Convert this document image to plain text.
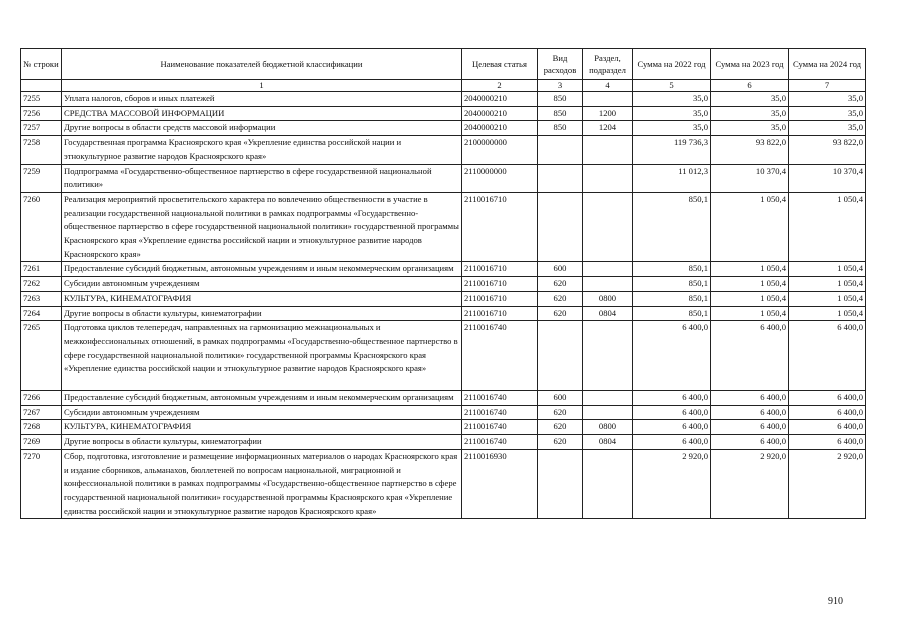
№ строки	Наименование показателей бюджетной классификации	Целевая статья	Вид расходов	Раздел, подраздел	Сумма на 2022 год	Сумма на 2023 год	Сумма на 2024 год
	1	2	3	4	5	6	7
7255	Уплата налогов, сборов и иных платежей	2040000210	850		35,0	35,0	35,0
7256	СРЕДСТВА МАССОВОЙ ИНФОРМАЦИИ	2040000210	850	1200	35,0	35,0	35,0
7257	Другие вопросы в области средств массовой информации	2040000210	850	1204	35,0	35,0	35,0
7258	Государственная программа Красноярского края «Укрепление единства российской нации и этнокультурное развитие народов Красноярского края»	2100000000			119 736,3	93 822,0	93 822,0
7259	Подпрограмма «Государственно-общественное партнерство в сфере государственной национальной политики»	2110000000			11 012,3	10 370,4	10 370,4
7260	Реализация мероприятий просветительского характера по вовлечению общественности в участие в реализации государственной национальной политики в рамках подпрограммы «Государственно-общественное партнерство в сфере государственной национальной политики» государственной программы Красноярского края «Укрепление единства российской нации и этнокультурное развитие народов Красноярского края»	2110016710			850,1	1 050,4	1 050,4
7261	Предоставление субсидий бюджетным, автономным учреждениям и иным некоммерческим организациям	2110016710	600		850,1	1 050,4	1 050,4
7262	Субсидии автономным учреждениям	2110016710	620		850,1	1 050,4	1 050,4
7263	КУЛЬТУРА, КИНЕМАТОГРАФИЯ	2110016710	620	0800	850,1	1 050,4	1 050,4
7264	Другие вопросы в области культуры, кинематографии	2110016710	620	0804	850,1	1 050,4	1 050,4
7265	Подготовка циклов телепередач, направленных на гармонизацию межнациональных и межконфессиональных отношений, в рамках подпрограммы «Государственно-общественное партнерство в сфере государственной национальной политики» государственной программы Красноярского края «Укрепление единства российской нации и этнокультурное развитие народов Красноярского края»	2110016740			6 400,0	6 400,0	6 400,0
7266	Предоставление субсидий бюджетным, автономным учреждениям и иным некоммерческим организациям	2110016740	600		6 400,0	6 400,0	6 400,0
7267	Субсидии автономным учреждениям	2110016740	620		6 400,0	6 400,0	6 400,0
7268	КУЛЬТУРА, КИНЕМАТОГРАФИЯ	2110016740	620	0800	6 400,0	6 400,0	6 400,0
7269	Другие вопросы в области культуры, кинематографии	2110016740	620	0804	6 400,0	6 400,0	6 400,0
7270	Сбор, подготовка, изготовление и размещение информационных материалов о народах Красноярского края и издание сборников, альманахов, бюллетеней по вопросам национальной, миграционной и конфессиональной политики в рамках подпрограммы «Государственно-общественное партнерство в сфере государственной национальной политики» государственной программы Красноярского края «Укрепление единства российской нации и этнокультурное развитие народов Красноярского края»	2110016930			2 920,0	2 920,0	2 920,0
910
